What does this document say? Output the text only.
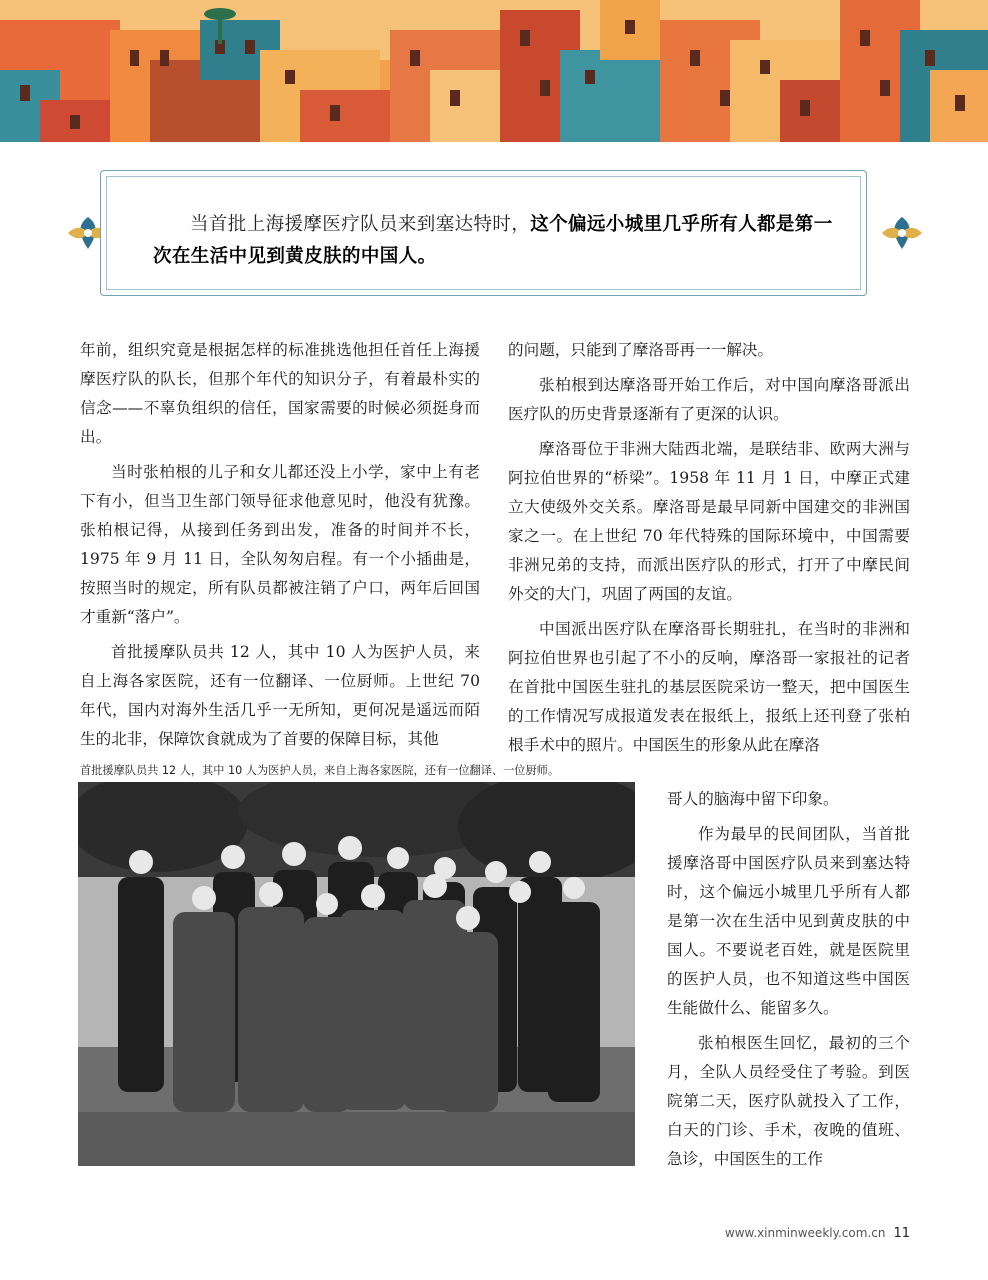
当首批上海援摩医疗队员来到塞达特时，这个偏远小城里几乎所有人都是第一次在生活中见到黄皮肤的中国人。

年前，组织究竟是根据怎样的标准挑选他担任首任上海援摩医疗队的队长，但那个年代的知识分子，有着最朴实的信念——不辜负组织的信任，国家需要的时候必须挺身而出。

当时张柏根的儿子和女儿都还没上小学，家中上有老下有小，但当卫生部门领导征求他意见时，他没有犹豫。张柏根记得，从接到任务到出发，准备的时间并不长，1975 年 9 月 11 日，全队匆匆启程。有一个小插曲是，按照当时的规定，所有队员都被注销了户口，两年后回国才重新“落户”。

首批援摩队员共 12 人，其中 10 人为医护人员，来自上海各家医院，还有一位翻译、一位厨师。上世纪 70 年代，国内对海外生活几乎一无所知，更何况是遥远而陌生的北非，保障饮食就成为了首要的保障目标，其他

的问题，只能到了摩洛哥再一一解决。

张柏根到达摩洛哥开始工作后，对中国向摩洛哥派出医疗队的历史背景逐渐有了更深的认识。

摩洛哥位于非洲大陆西北端，是联结非、欧两大洲与阿拉伯世界的“桥梁”。1958 年 11 月 1 日，中摩正式建立大使级外交关系。摩洛哥是最早同新中国建交的非洲国家之一。在上世纪 70 年代特殊的国际环境中，中国需要非洲兄弟的支持，而派出医疗队的形式，打开了中摩民间外交的大门，巩固了两国的友谊。

中国派出医疗队在摩洛哥长期驻扎，在当时的非洲和阿拉伯世界也引起了不小的反响，摩洛哥一家报社的记者在首批中国医生驻扎的基层医院采访一整天，把中国医生的工作情况写成报道发表在报纸上，报纸上还刊登了张柏根手术中的照片。中国医生的形象从此在摩洛

首批援摩队员共 12 人，其中 10 人为医护人员，来自上海各家医院，还有一位翻译、一位厨师。

哥人的脑海中留下印象。

作为最早的民间团队，当首批援摩洛哥中国医疗队员来到塞达特时，这个偏远小城里几乎所有人都是第一次在生活中见到黄皮肤的中国人。不要说老百姓，就是医院里的医护人员，也不知道这些中国医生能做什么、能留多久。

张柏根医生回忆，最初的三个月，全队人员经受住了考验。到医院第二天，医疗队就投入了工作，白天的门诊、手术，夜晚的值班、急诊，中国医生的工作

www.xinminweekly.com.cn 11
